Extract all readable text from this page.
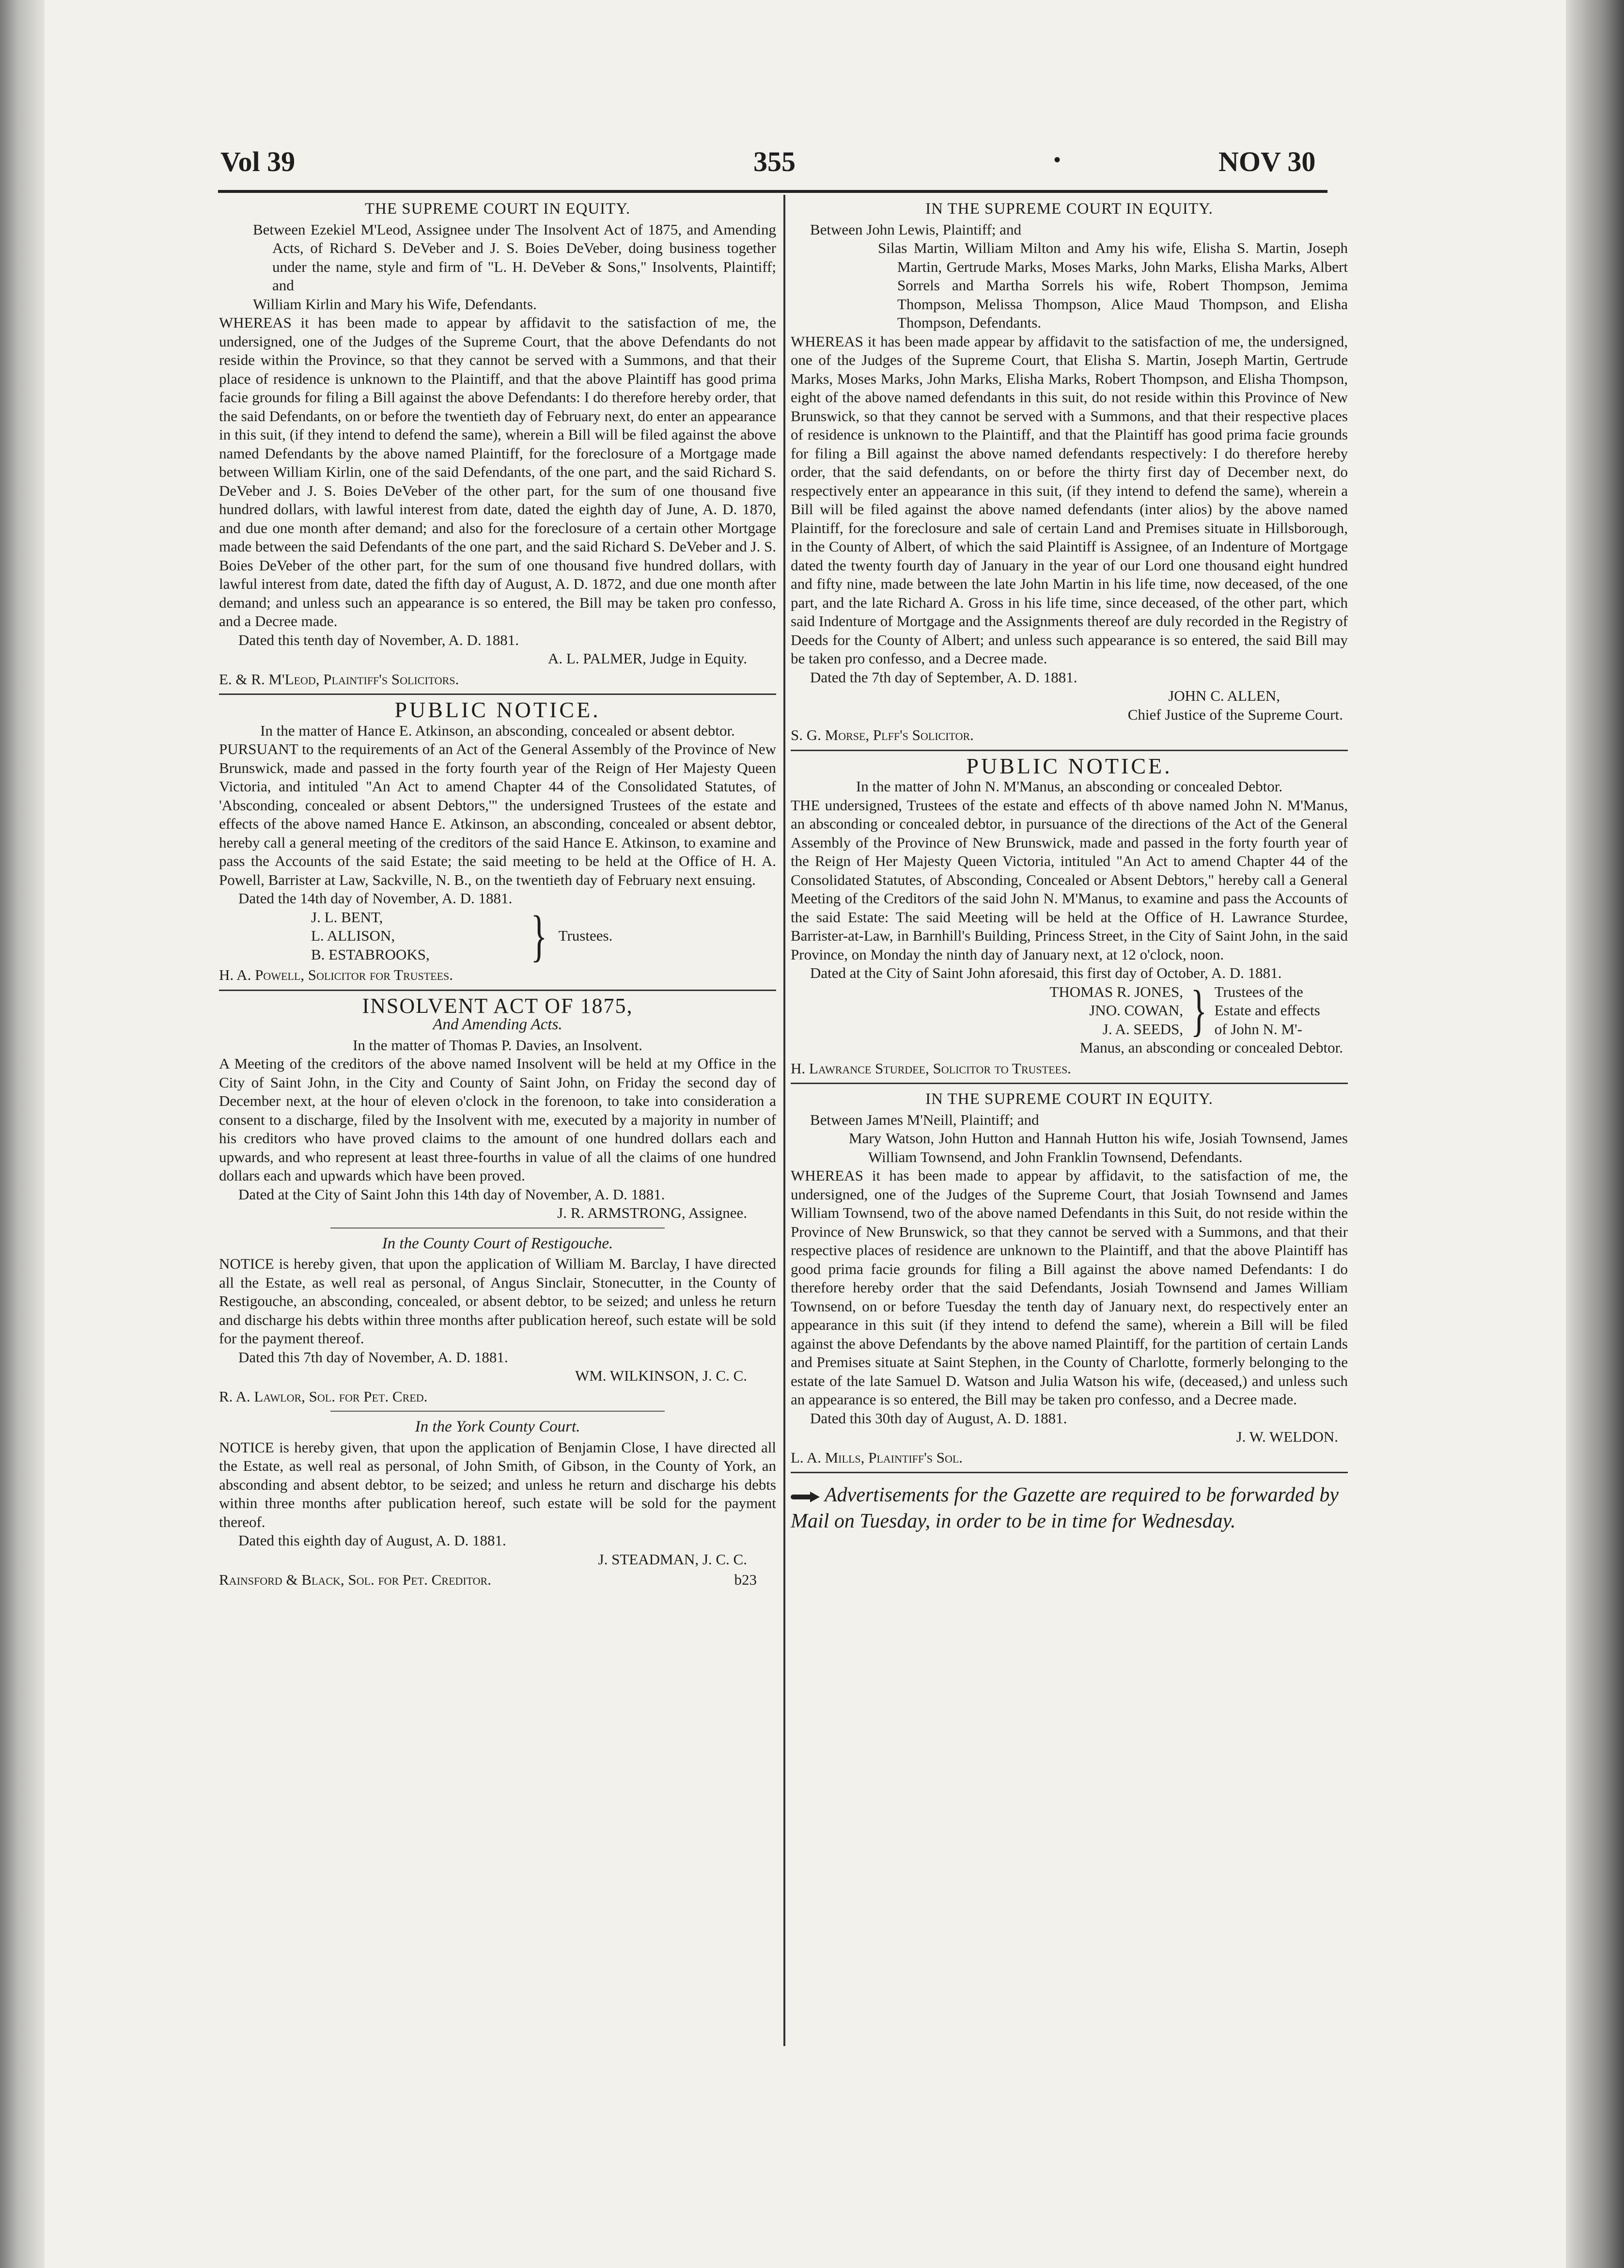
Vol 39	355	•	NOV 30
THE SUPREME COURT IN EQUITY.

Between Ezekiel M'Leod, Assignee under The Insolvent Act of 1875, and Amending Acts, of Richard S. DeVeber and J. S. Boies DeVeber, doing business together under the name, style and firm of "L. H. DeVeber & Sons," Insolvents, Plaintiff; and

William Kirlin and Mary his Wife, Defendants.

WHEREAS it has been made to appear by affidavit to the satisfaction of me, the undersigned, one of the Judges of the Supreme Court, that the above Defendants do not reside within the Province, so that they cannot be served with a Summons, and that their place of residence is unknown to the Plaintiff, and that the above Plaintiff has good prima facie grounds for filing a Bill against the above Defendants: I do therefore hereby order, that the said Defendants, on or before the twentieth day of February next, do enter an appearance in this suit, (if they intend to defend the same), wherein a Bill will be filed against the above named Defendants by the above named Plaintiff, for the foreclosure of a Mortgage made between William Kirlin, one of the said Defendants, of the one part, and the said Richard S. DeVeber and J. S. Boies DeVeber of the other part, for the sum of one thousand five hundred dollars, with lawful interest from date, dated the eighth day of June, A. D. 1870, and due one month after demand; and also for the foreclosure of a certain other Mortgage made between the said Defendants of the one part, and the said Richard S. DeVeber and J. S. Boies DeVeber of the other part, for the sum of one thousand five hundred dollars, with lawful interest from date, dated the fifth day of August, A. D. 1872, and due one month after demand; and unless such an appearance is so entered, the Bill may be taken pro confesso, and a Decree made.

Dated this tenth day of November, A. D. 1881.

A. L. PALMER, Judge in Equity.

E. & R. M'Leod, Plaintiff's Solicitors.

PUBLIC NOTICE.

In the matter of Hance E. Atkinson, an absconding, concealed or absent debtor.

PURSUANT to the requirements of an Act of the General Assembly of the Province of New Brunswick, made and passed in the forty fourth year of the Reign of Her Majesty Queen Victoria, and intituled "An Act to amend Chapter 44 of the Consolidated Statutes, of 'Absconding, concealed or absent Debtors,'" the undersigned Trustees of the estate and effects of the above named Hance E. Atkinson, an absconding, concealed or absent debtor, hereby call a general meeting of the creditors of the said Hance E. Atkinson, to examine and pass the Accounts of the said Estate; the said meeting to be held at the Office of H. A. Powell, Barrister at Law, Sackville, N. B., on the twentieth day of February next ensuing.

Dated the 14th day of November, A. D. 1881.

J. L. BENT,
L. ALLISON,
B. ESTABROOKS,	} Trustees.

H. A. Powell, Solicitor for Trustees.

INSOLVENT ACT OF 1875,
And Amending Acts.

In the matter of Thomas P. Davies, an Insolvent.

A Meeting of the creditors of the above named Insolvent will be held at my Office in the City of Saint John, in the City and County of Saint John, on Friday the second day of December next, at the hour of eleven o'clock in the forenoon, to take into consideration a consent to a discharge, filed by the Insolvent with me, executed by a majority in number of his creditors who have proved claims to the amount of one hundred dollars each and upwards, and who represent at least three-fourths in value of all the claims of one hundred dollars each and upwards which have been proved.

Dated at the City of Saint John this 14th day of November, A. D. 1881.

J. R. ARMSTRONG, Assignee.

In the County Court of Restigouche.

NOTICE is hereby given, that upon the application of William M. Barclay, I have directed all the Estate, as well real as personal, of Angus Sinclair, Stonecutter, in the County of Restigouche, an absconding, concealed, or absent debtor, to be seized; and unless he return and discharge his debts within three months after publication hereof, such estate will be sold for the payment thereof.

Dated this 7th day of November, A. D. 1881.

WM. WILKINSON, J. C. C.

R. A. Lawlor, Sol. for Pet. Cred.

In the York County Court.

NOTICE is hereby given, that upon the application of Benjamin Close, I have directed all the Estate, as well real as personal, of John Smith, of Gibson, in the County of York, an absconding and absent debtor, to be seized; and unless he return and discharge his debts within three months after publication hereof, such estate will be sold for the payment thereof.

Dated this eighth day of August, A. D. 1881.

J. STEADMAN, J. C. C.

Rainsford & Black, Sol. for Pet. Creditor.	b23

IN THE SUPREME COURT IN EQUITY.

Between John Lewis, Plaintiff; and

Silas Martin, William Milton and Amy his wife, Elisha S. Martin, Joseph Martin, Gertrude Marks, Moses Marks, John Marks, Elisha Marks, Albert Sorrels and Martha Sorrels his wife, Robert Thompson, Jemima Thompson, Melissa Thompson, Alice Maud Thompson, and Elisha Thompson, Defendants.

WHEREAS it has been made appear by affidavit to the satisfaction of me, the undersigned, one of the Judges of the Supreme Court, that Elisha S. Martin, Joseph Martin, Gertrude Marks, Moses Marks, John Marks, Elisha Marks, Robert Thompson, and Elisha Thompson, eight of the above named defendants in this suit, do not reside within this Province of New Brunswick, so that they cannot be served with a Summons, and that their respective places of residence is unknown to the Plaintiff, and that the Plaintiff has good prima facie grounds for filing a Bill against the above named defendants respectively: I do therefore hereby order, that the said defendants, on or before the thirty first day of December next, do respectively enter an appearance in this suit, (if they intend to defend the same), wherein a Bill will be filed against the above named defendants (inter alios) by the above named Plaintiff, for the foreclosure and sale of certain Land and Premises situate in Hillsborough, in the County of Albert, of which the said Plaintiff is Assignee, of an Indenture of Mortgage dated the twenty fourth day of January in the year of our Lord one thousand eight hundred and fifty nine, made between the late John Martin in his life time, now deceased, of the one part, and the late Richard A. Gross in his life time, since deceased, of the other part, which said Indenture of Mortgage and the Assignments thereof are duly recorded in the Registry of Deeds for the County of Albert; and unless such appearance is so entered, the said Bill may be taken pro confesso, and a Decree made.

Dated the 7th day of September, A. D. 1881.

JOHN C. ALLEN,

Chief Justice of the Supreme Court.

S. G. Morse, Plff's Solicitor.

PUBLIC NOTICE.

In the matter of John N. M'Manus, an absconding or concealed Debtor.

THE undersigned, Trustees of the estate and effects of th above named John N. M'Manus, an absconding or concealed debtor, in pursuance of the directions of the Act of the General Assembly of the Province of New Brunswick, made and passed in the forty fourth year of the Reign of Her Majesty Queen Victoria, intituled "An Act to amend Chapter 44 of the Consolidated Statutes, of Absconding, Concealed or Absent Debtors," hereby call a General Meeting of the Creditors of the said John N. M'Manus, to examine and pass the Accounts of the said Estate: The said Meeting will be held at the Office of H. Lawrance Sturdee, Barrister-at-Law, in Barnhill's Building, Princess Street, in the City of Saint John, in the said Province, on Monday the ninth day of January next, at 12 o'clock, noon.

Dated at the City of Saint John aforesaid, this first day of October, A. D. 1881.

THOMAS R. JONES,
JNO. COWAN,
J. A. SEEDS, } Trustees of the
Estate and effects
of John N. M'-

Manus, an absconding or concealed Debtor.

H. Lawrance Sturdee, Solicitor to Trustees.

IN THE SUPREME COURT IN EQUITY.

Between James M'Neill, Plaintiff; and

Mary Watson, John Hutton and Hannah Hutton his wife, Josiah Townsend, James William Townsend, and John Franklin Townsend, Defendants.

WHEREAS it has been made to appear by affidavit, to the satisfaction of me, the undersigned, one of the Judges of the Supreme Court, that Josiah Townsend and James William Townsend, two of the above named Defendants in this Suit, do not reside within the Province of New Brunswick, so that they cannot be served with a Summons, and that their respective places of residence are unknown to the Plaintiff, and that the above Plaintiff has good prima facie grounds for filing a Bill against the above named Defendants: I do therefore hereby order that the said Defendants, Josiah Townsend and James William Townsend, on or before Tuesday the tenth day of January next, do respectively enter an appearance in this suit (if they intend to defend the same), wherein a Bill will be filed against the above Defendants by the above named Plaintiff, for the partition of certain Lands and Premises situate at Saint Stephen, in the County of Charlotte, formerly belonging to the estate of the late Samuel D. Watson and Julia Watson his wife, (deceased,) and unless such an appearance is so entered, the Bill may be taken pro confesso, and a Decree made.

Dated this 30th day of August, A. D. 1881.

J. W. WELDON.

L. A. Mills, Plaintiff's Sol.

Advertisements for the Gazette are required to be forwarded by Mail on Tuesday, in order to be in time for Wednesday.
